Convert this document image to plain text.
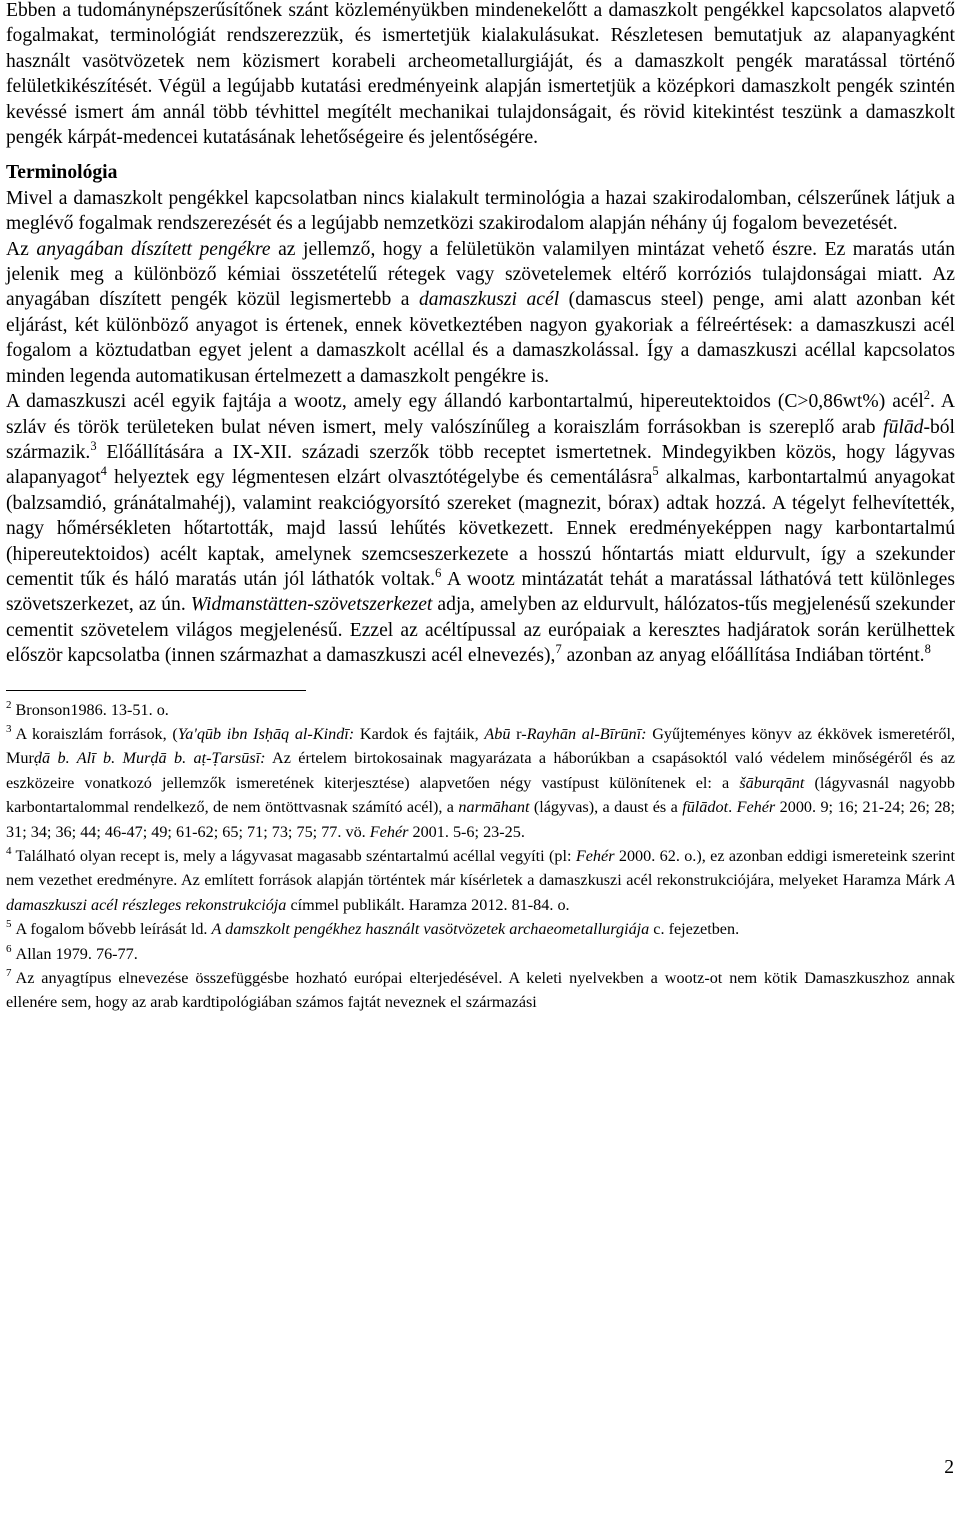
Ebben a tudománynépszerűsítőnek szánt közleményükben mindenekelőtt a damaszkolt pengékkel kapcsolatos alapvető fogalmakat, terminológiát rendszerezzük, és ismertetjük kialakulásukat. Részletesen bemutatjuk az alapanyagként használt vasötvözetek nem közismert korabeli archeometallurgiáját, és a damaszkolt pengék maratással történő felületkikészítését. Végül a legújabb kutatási eredményeink alapján ismertetjük a középkori damaszkolt pengék szintén kevéssé ismert ám annál több tévhittel megítélt mechanikai tulajdonságait, és rövid kitekintést teszünk a damaszkolt pengék kárpát-medencei kutatásának lehetőségeire és jelentőségére.

Terminológia

Mivel a damaszkolt pengékkel kapcsolatban nincs kialakult terminológia a hazai szakirodalomban, célszerűnek látjuk a meglévő fogalmak rendszerezését és a legújabb nemzetközi szakirodalom alapján néhány új fogalom bevezetését.

Az anyagában díszített pengékre az jellemző, hogy a felületükön valamilyen mintázat vehető észre. Ez maratás után jelenik meg a különböző kémiai összetételű rétegek vagy szövetelemek eltérő korróziós tulajdonságai miatt. Az anyagában díszített pengék közül legismertebb a damaszkuszi acél (damascus steel) penge, ami alatt azonban két eljárást, két különböző anyagot is értenek, ennek következtében nagyon gyakoriak a félreértések: a damaszkuszi acél fogalom a köztudatban egyet jelent a damaszkolt acéllal és a damaszkolással. Így a damaszkuszi acéllal kapcsolatos minden legenda automatikusan értelmezett a damaszkolt pengékre is.

A damaszkuszi acél egyik fajtája a wootz, amely egy állandó karbontartalmú, hipereutektoidos (C>0,86wt%) acél$^2$. A szláv és török területeken bulat néven ismert, mely valószínűleg a koraiszlám forrásokban is szereplő arab fūlād-ból származik.$^3$ Előállítására a IX-XII. századi szerzők több receptet ismertetnek. Mindegyikben közös, hogy lágyvas alapanyagot$^4$ helyeztek egy légmentesen elzárt olvasztótégelybe és cementálásra$^5$ alkalmas, karbontartalmú anyagokat (balzsamdió, gránátalmahéj), valamint reakciógyorsító szereket (magnezit, bórax) adtak hozzá. A tégelyt felhevítették, nagy hőmérsékleten hőtartották, majd lassú lehűtés következett. Ennek eredményeképpen nagy karbontartalmú (hipereutektoidos) acélt kaptak, amelynek szemcseszerkezete a hosszú hőntartás miatt eldurvult, így a szekunder cementit tűk és háló maratás után jól láthatók voltak.$^6$ A wootz mintázatát tehát a maratással láthatóvá tett különleges szövetszerkezet, az ún. Widmanstätten-szövetszerkezet adja, amelyben az eldurvult, hálózatos-tűs megjelenésű szekunder cementit szövetelem világos megjelenésű. Ezzel az acéltípussal az európaiak a keresztes hadjáratok során kerülhettek először kapcsolatba (innen származhat a damaszkuszi acél elnevezés),$^7$ azonban az anyag előállítása Indiában történt.$^8$

$^2$ Bronson1986. 13-51. o.

$^3$ A koraiszlám források, (Ya'qūb ibn Isḥāq al-Kindī: Kardok és fajtáik, Abū r-Rayhān al-Bīrūnī: Gyűjteményes könyv az ékkövek ismeretéről, Murḍā b. Alī b. Murḍā b. aṭ-Ṭarsūsī: Az értelem birtokosainak magyarázata a háborúkban a csapásoktól való védelem minőségéről és az eszközeire vonatkozó jellemzők ismeretének kiterjesztése) alapvetően négy vastípust különítenek el: a šāburqānt (lágyvasnál nagyobb karbontartalommal rendelkező, de nem öntöttvasnak számító acél), a narmāhant (lágyvas), a daust és a fūlādot. Fehér 2000. 9; 16; 21-24; 26; 28; 31; 34; 36; 44; 46-47; 49; 61-62; 65; 71; 73; 75; 77. vö. Fehér 2001. 5-6; 23-25.

$^4$ Található olyan recept is, mely a lágyvasat magasabb széntartalmú acéllal vegyíti (pl: Fehér 2000. 62. o.), ez azonban eddigi ismereteink szerint nem vezethet eredményre. Az említett források alapján történtek már kísérletek a damaszkuszi acél rekonstrukciójára, melyeket Haramza Márk A damaszkuszi acél részleges rekonstrukciója címmel publikált. Haramza 2012. 81-84. o.

$^5$ A fogalom bővebb leírását ld. A damszkolt pengékhez használt vasötvözetek archaeometallurgiája c. fejezetben.

$^6$ Allan 1979. 76-77.

$^7$ Az anyagtípus elnevezése összefüggésbe hozható európai elterjedésével. A keleti nyelvekben a wootz-ot nem kötik Damaszkuszhoz annak ellenére sem, hogy az arab kardtipológiában számos fajtát neveznek el származási

2
